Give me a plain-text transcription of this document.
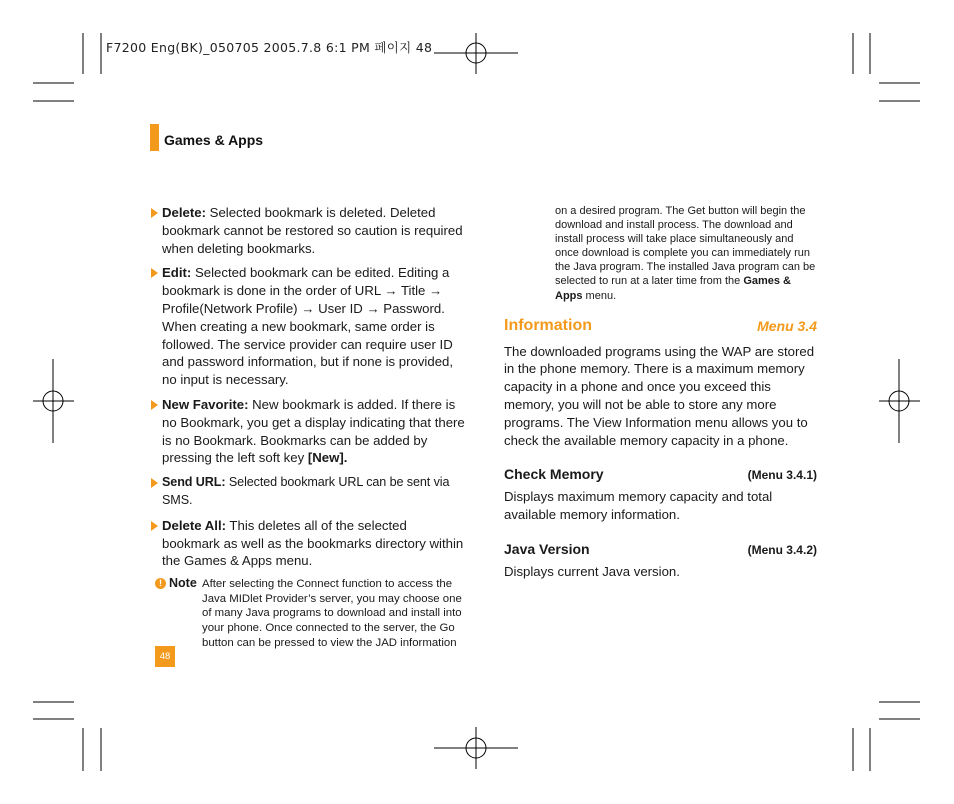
F7200 Eng(BK)_050705 2005.7.8 6:1 PM 페이지 48
Games & Apps
Delete: Selected bookmark is deleted. Deleted bookmark cannot be restored so caution is required when deleting bookmarks.
Edit: Selected bookmark can be edited. Editing a bookmark is done in the order of URL → Title → Profile(Network Profile) → User ID → Password. When creating a new bookmark, same order is followed. The service provider can require user ID and password information, but if none is provided, no input is necessary.
New Favorite: New bookmark is added. If there is no Bookmark, you get a display indicating that there is no Bookmark. Bookmarks can be added by pressing the left soft key [New].
Send URL: Selected bookmark URL can be sent via SMS.
Delete All: This deletes all of the selected bookmark as well as the bookmarks directory within the Games & Apps menu.
! Note After selecting the Connect function to access the Java MIDlet Provider’s server, you may choose one of many Java programs to download and install into your phone. Once connected to the server, the Go button can be pressed to view the JAD information
48
on a desired program. The Get button will begin the download and install process. The download and install process will take place simultaneously and once download is complete you can immediately run the Java program. The installed Java program can be selected to run at a later time from the Games & Apps menu.
Information	Menu 3.4
The downloaded programs using the WAP are stored in the phone memory. There is a maximum memory capacity in a phone and once you exceed this memory, you will not be able to store any more programs. The View Information menu allows you to check the available memory capacity in a phone.
Check Memory	(Menu 3.4.1)
Displays maximum memory capacity and total available memory information.
Java Version	(Menu 3.4.2)
Displays current Java version.
